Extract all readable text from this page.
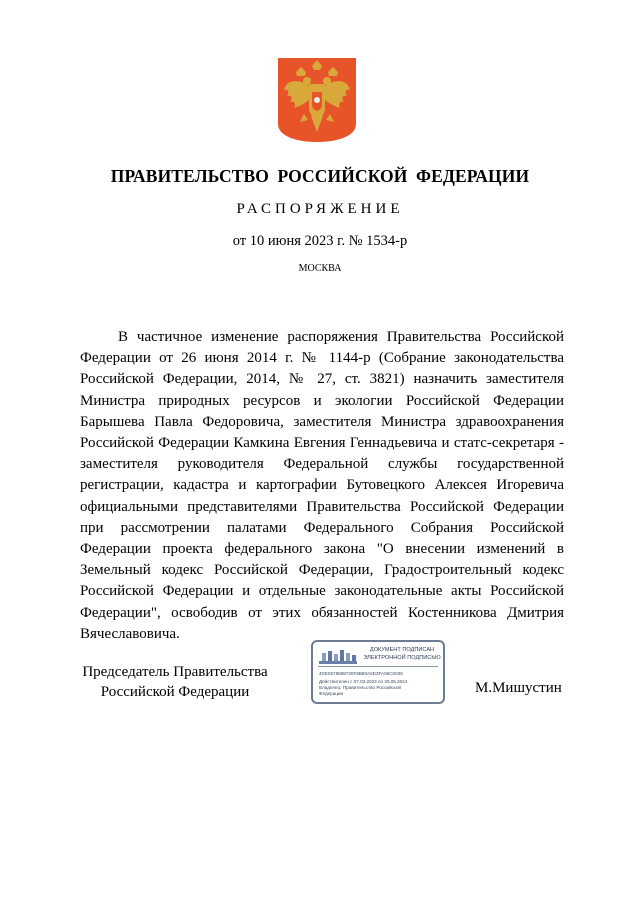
ПРАВИТЕЛЬСТВО РОССИЙСКОЙ ФЕДЕРАЦИИ
РАСПОРЯЖЕНИЕ
от 10 июня 2023 г. № 1534-р
МОСКВА

В частичное изменение распоряжения Правительства Российской Федерации от 26 июня 2014 г. № 1144-р (Собрание законодательства Российской Федерации, 2014, № 27, ст. 3821) назначить заместителя Министра природных ресурсов и экологии Российской Федерации Барышева Павла Федоровича, заместителя Министра здравоохранения Российской Федерации Камкина Евгения Геннадьевича и статс-секретаря - заместителя руководителя Федеральной службы государственной регистрации, кадастра и картографии Бутовецкого Алексея Игоревича официальными представителями Правительства Российской Федерации при рассмотрении палатами Федерального Собрания Российской Федерации проекта федерального закона "О внесении изменений в Земельный кодекс Российской Федерации, Градостроительный кодекс Российской Федерации и отдельные законодательные акты Российской Федерации", освободив от этих обязанностей Костенникова Дмитрия Вячеславовича.

Председатель Правительства
Российской Федерации
ДОКУМЕНТ ПОДПИСАН
ЭЛЕКТРОННОЙ ПОДПИСЬЮ
4DE0578888730F8B80A6D3FA06C0036
Действителен с 07.03.2023 по 30.05.2024
Владелец: Правительство Российской
Федерации	М.Мишустин
